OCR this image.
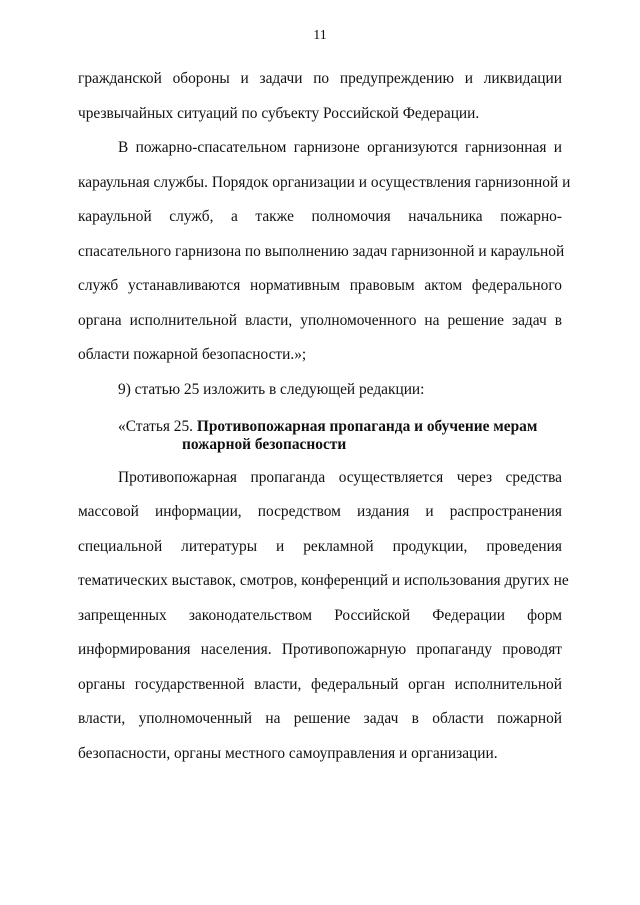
11
гражданской обороны и задачи по предупреждению и ликвидации
чрезвычайных ситуаций по субъекту Российской Федерации.
В пожарно-спасательном гарнизоне организуются гарнизонная и
караульная службы. Порядок организации и осуществления гарнизонной и
караульной служб, а также полномочия начальника пожарно-
спасательного гарнизона по выполнению задач гарнизонной и караульной
служб устанавливаются нормативным правовым актом федерального
органа исполнительной власти, уполномоченного на решение задач в
области пожарной безопасности.»;
9) статью 25 изложить в следующей редакции:
«Статья 25. Противопожарная пропаганда и обучение мерам
пожарной безопасности
Противопожарная пропаганда осуществляется через средства
массовой информации, посредством издания и распространения
специальной литературы и рекламной продукции, проведения
тематических выставок, смотров, конференций и использования других не
запрещенных законодательством Российской Федерации форм
информирования населения. Противопожарную пропаганду проводят
органы государственной власти, федеральный орган исполнительной
власти, уполномоченный на решение задач в области пожарной
безопасности, органы местного самоуправления и организации.
